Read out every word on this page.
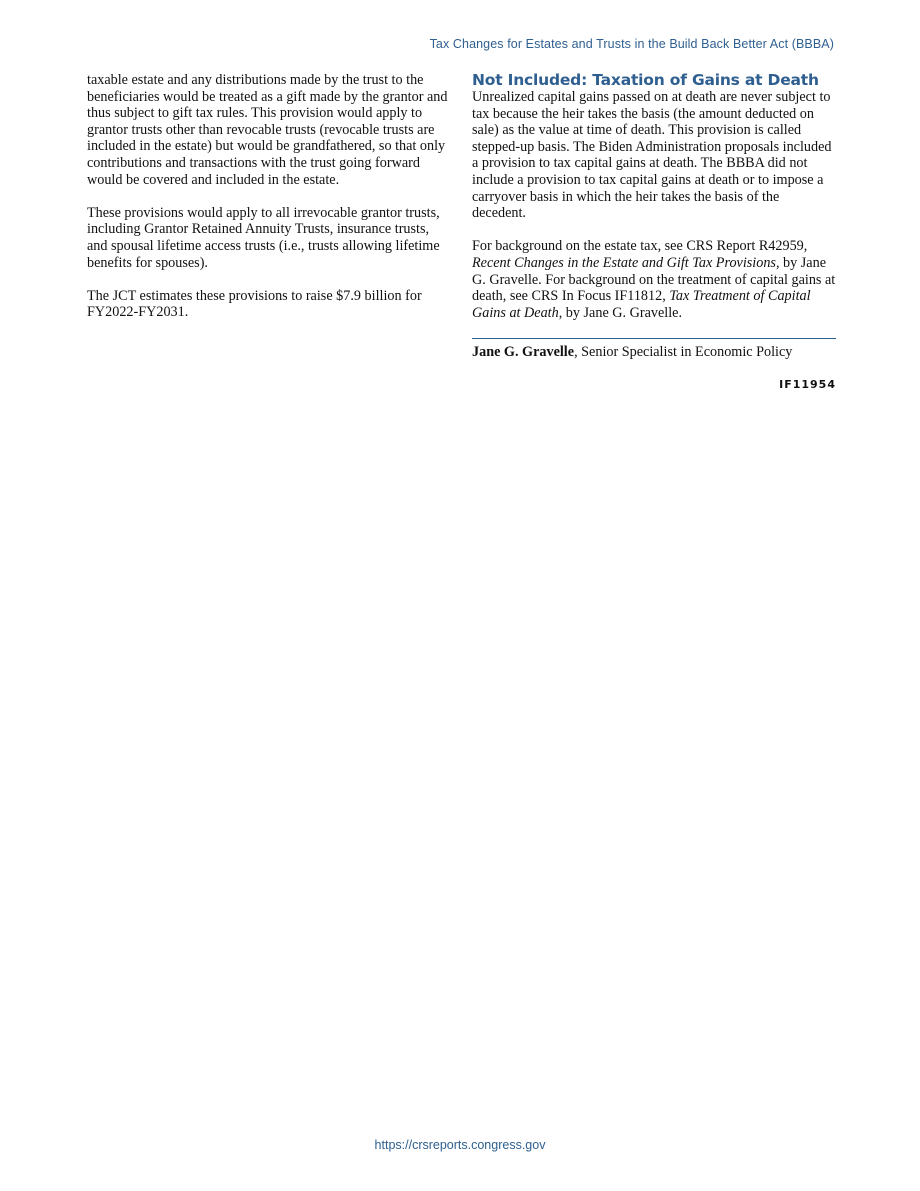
Tax Changes for Estates and Trusts in the Build Back Better Act (BBBA)

taxable estate and any distributions made by the trust to the beneficiaries would be treated as a gift made by the grantor and thus subject to gift tax rules. This provision would apply to grantor trusts other than revocable trusts (revocable trusts are included in the estate) but would be grandfathered, so that only contributions and transactions with the trust going forward would be covered and included in the estate.

These provisions would apply to all irrevocable grantor trusts, including Grantor Retained Annuity Trusts, insurance trusts, and spousal lifetime access trusts (i.e., trusts allowing lifetime benefits for spouses).

The JCT estimates these provisions to raise $7.9 billion for FY2022-FY2031.

Not Included: Taxation of Gains at Death

Unrealized capital gains passed on at death are never subject to tax because the heir takes the basis (the amount deducted on sale) as the value at time of death. This provision is called stepped-up basis. The Biden Administration proposals included a provision to tax capital gains at death. The BBBA did not include a provision to tax capital gains at death or to impose a carryover basis in which the heir takes the basis of the decedent.

For background on the estate tax, see CRS Report R42959, Recent Changes in the Estate and Gift Tax Provisions, by Jane G. Gravelle. For background on the treatment of capital gains at death, see CRS In Focus IF11812, Tax Treatment of Capital Gains at Death, by Jane G. Gravelle.

Jane G. Gravelle, Senior Specialist in Economic Policy

IF11954
https://crsreports.congress.gov
